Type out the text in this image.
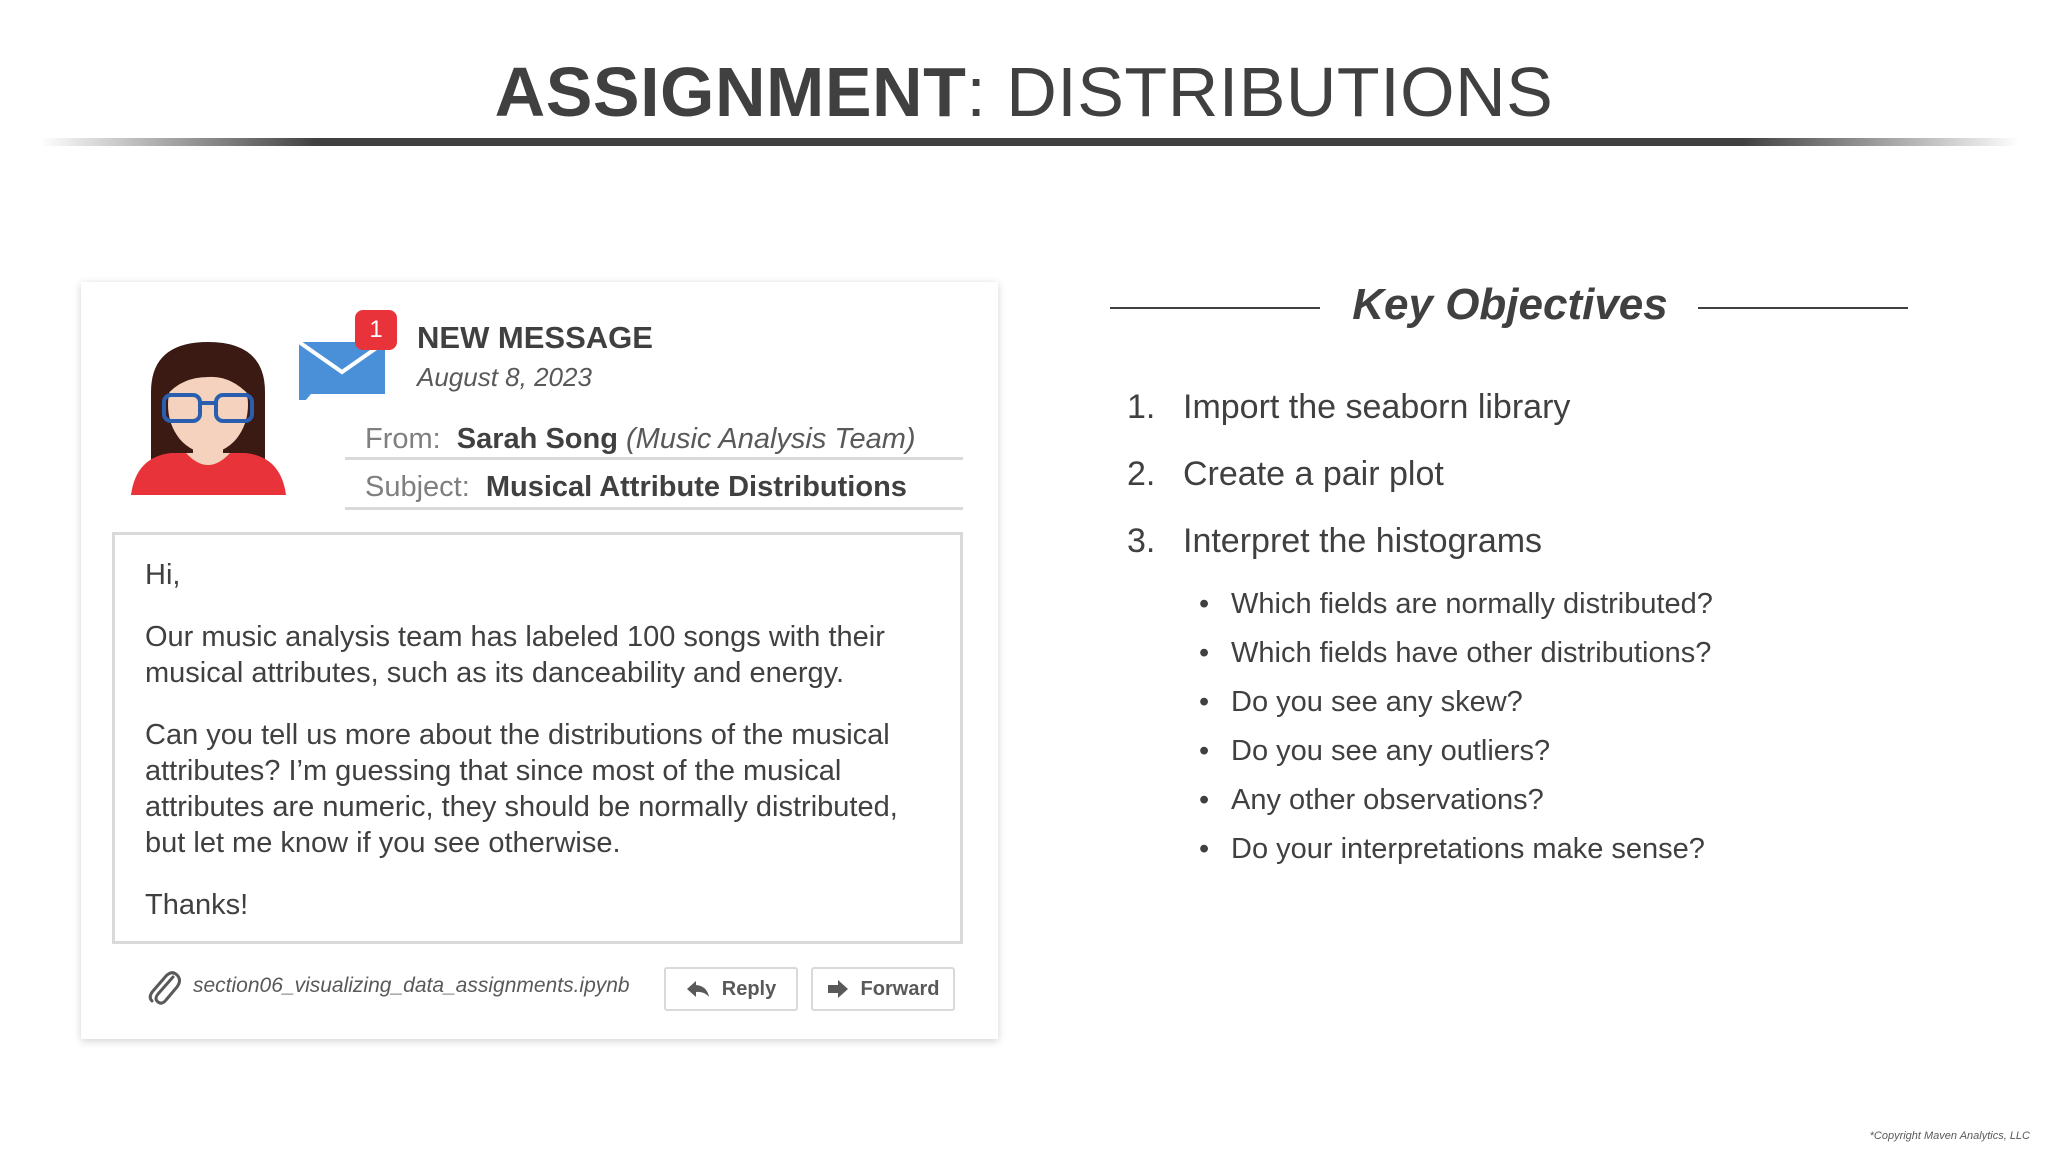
ASSIGNMENT: DISTRIBUTIONS
1	NEW MESSAGE
August 8, 2023
From: Sarah Song (Music Analysis Team)
Subject: Musical Attribute Distributions

Hi,

Our music analysis team has labeled 100 songs with their musical attributes, such as its danceability and energy.

Can you tell us more about the distributions of the musical attributes? I’m guessing that since most of the musical attributes are numeric, they should be normally distributed, but let me know if you see otherwise.

Thanks!

section06_visualizing_data_assignments.ipynb	Reply	Forward
Key Objectives
1. Import the seaborn library
2. Create a pair plot
3. Interpret the histograms
• Which fields are normally distributed?
• Which fields have other distributions?
• Do you see any skew?
• Do you see any outliers?
• Any other observations?
• Do your interpretations make sense?
*Copyright Maven Analytics, LLC
